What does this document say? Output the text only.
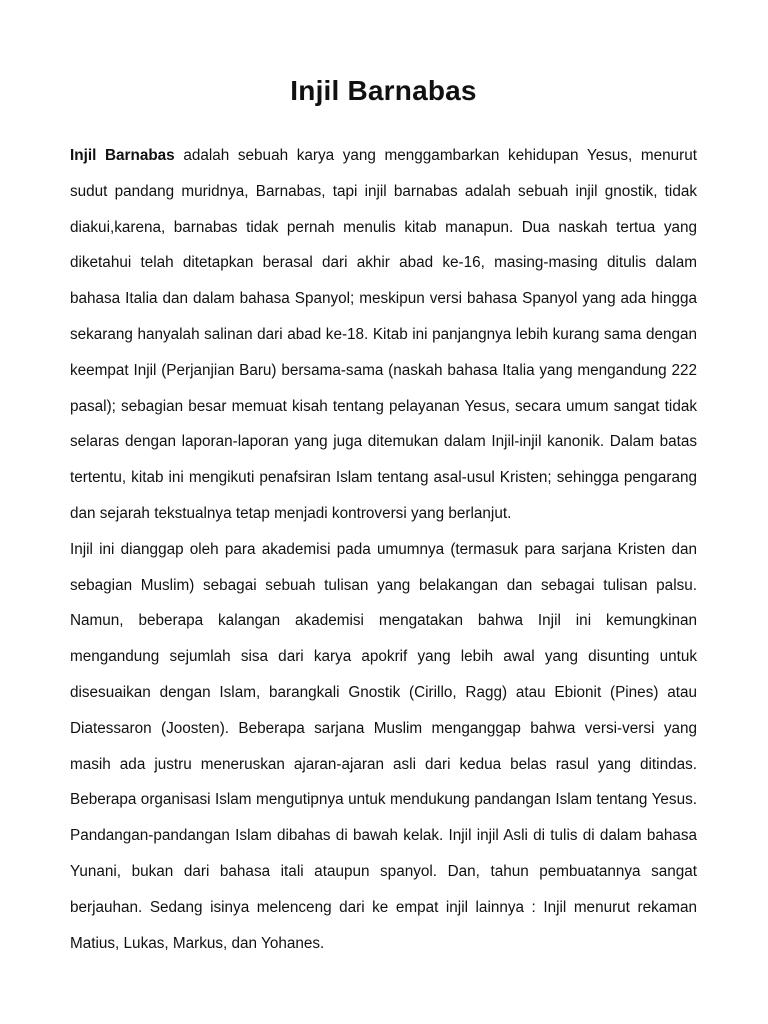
Injil Barnabas

Injil Barnabas adalah sebuah karya yang menggambarkan kehidupan Yesus, menurut sudut pandang muridnya, Barnabas, tapi injil barnabas adalah sebuah injil gnostik, tidak diakui,karena, barnabas tidak pernah menulis kitab manapun. Dua naskah tertua yang diketahui telah ditetapkan berasal dari akhir abad ke-16, masing-masing ditulis dalam bahasa Italia dan dalam bahasa Spanyol; meskipun versi bahasa Spanyol yang ada hingga sekarang hanyalah salinan dari abad ke-18. Kitab ini panjangnya lebih kurang sama dengan keempat Injil (Perjanjian Baru) bersama-sama (naskah bahasa Italia yang mengandung 222 pasal); sebagian besar memuat kisah tentang pelayanan Yesus, secara umum sangat tidak selaras dengan laporan-laporan yang juga ditemukan dalam Injil-injil kanonik. Dalam batas tertentu, kitab ini mengikuti penafsiran Islam tentang asal-usul Kristen; sehingga pengarang dan sejarah tekstualnya tetap menjadi kontroversi yang berlanjut.

Injil ini dianggap oleh para akademisi pada umumnya (termasuk para sarjana Kristen dan sebagian Muslim) sebagai sebuah tulisan yang belakangan dan sebagai tulisan palsu. Namun, beberapa kalangan akademisi mengatakan bahwa Injil ini kemungkinan mengandung sejumlah sisa dari karya apokrif yang lebih awal yang disunting untuk disesuaikan dengan Islam, barangkali Gnostik (Cirillo, Ragg) atau Ebionit (Pines) atau Diatessaron (Joosten). Beberapa sarjana Muslim menganggap bahwa versi-versi yang masih ada justru meneruskan ajaran-ajaran asli dari kedua belas rasul yang ditindas. Beberapa organisasi Islam mengutipnya untuk mendukung pandangan Islam tentang Yesus. Pandangan-pandangan Islam dibahas di bawah kelak. Injil injil Asli di tulis di dalam bahasa Yunani, bukan dari bahasa itali ataupun spanyol. Dan, tahun pembuatannya sangat berjauhan. Sedang isinya melenceng dari ke empat injil lainnya : Injil menurut rekaman Matius, Lukas, Markus, dan Yohanes.
